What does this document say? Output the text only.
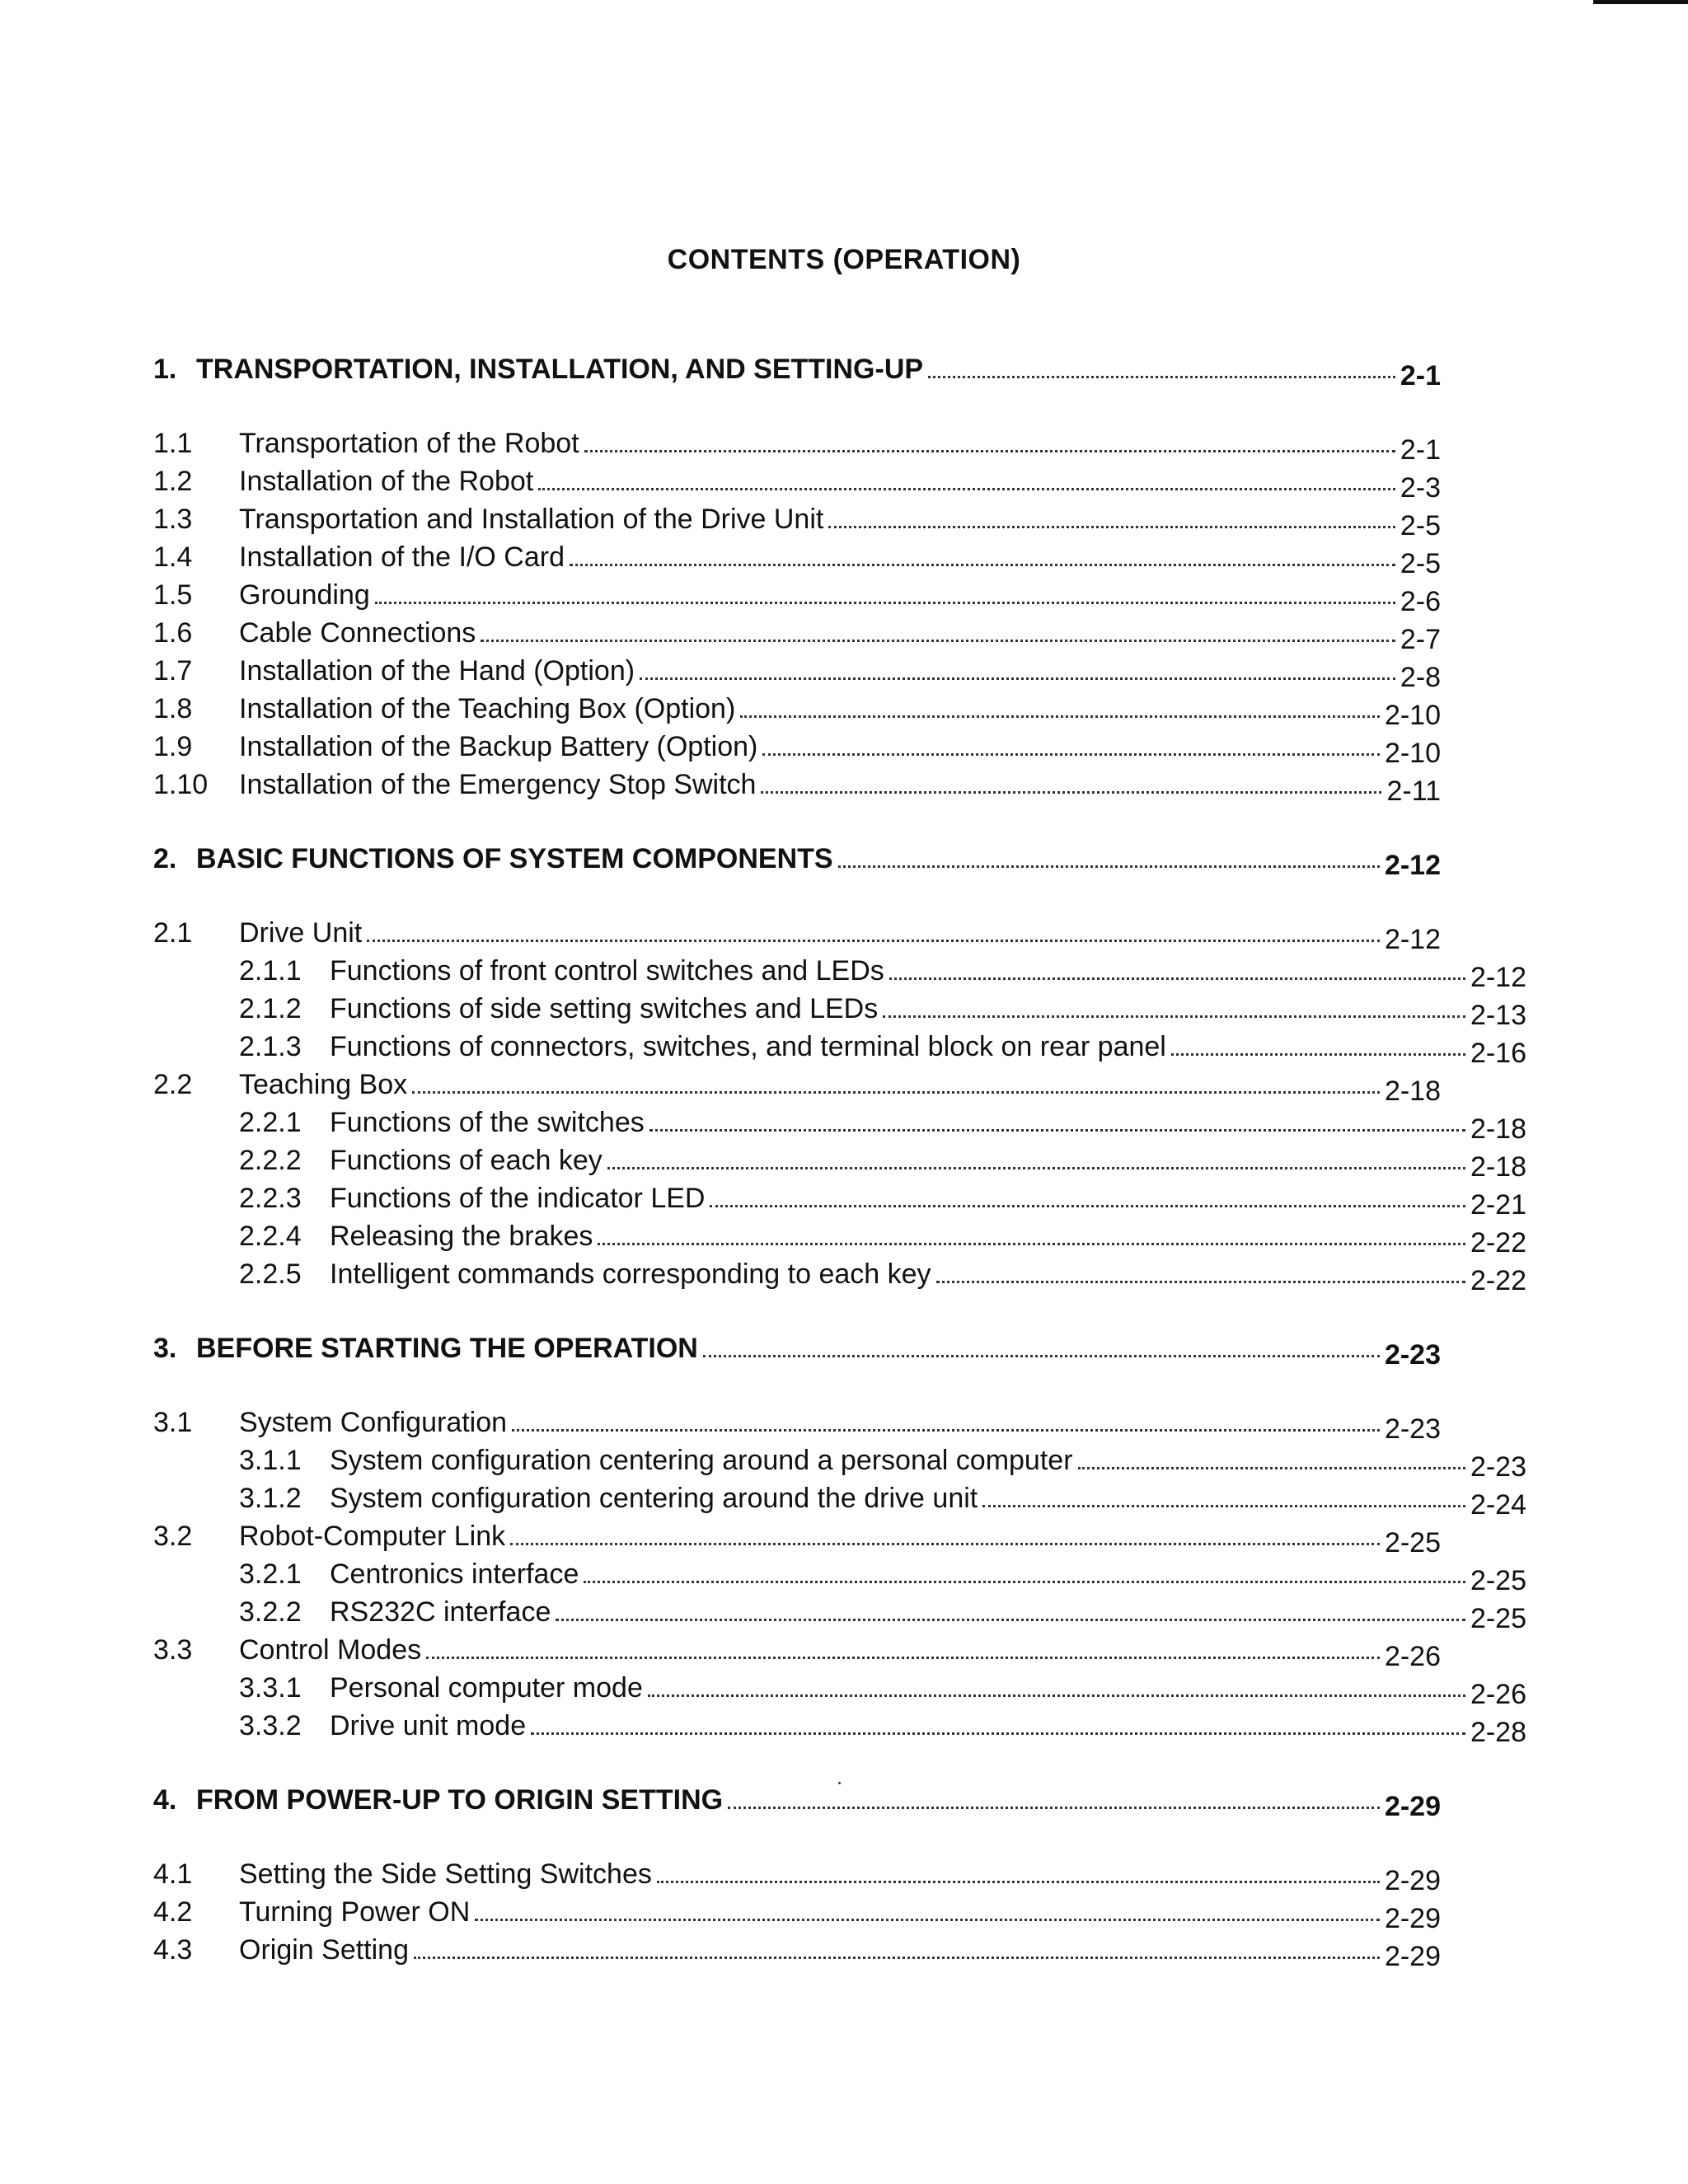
CONTENTS (OPERATION)
1. TRANSPORTATION, INSTALLATION, AND SETTING-UP	2-1
1.1	Transportation of the Robot	2-1
1.2	Installation of the Robot	2-3
1.3	Transportation and Installation of the Drive Unit	2-5
1.4	Installation of the I/O Card	2-5
1.5	Grounding	2-6
1.6	Cable Connections	2-7
1.7	Installation of the Hand (Option)	2-8
1.8	Installation of the Teaching Box (Option)	2-10
1.9	Installation of the Backup Battery (Option)	2-10
1.10	Installation of the Emergency Stop Switch	2-11
2. BASIC FUNCTIONS OF SYSTEM COMPONENTS	2-12
2.1	Drive Unit	2-12
2.1.1	Functions of front control switches and LEDs	2-12
2.1.2	Functions of side setting switches and LEDs	2-13
2.1.3	Functions of connectors, switches, and terminal block on rear panel	2-16
2.2	Teaching Box	2-18
2.2.1	Functions of the switches	2-18
2.2.2	Functions of each key	2-18
2.2.3	Functions of the indicator LED	2-21
2.2.4	Releasing the brakes	2-22
2.2.5	Intelligent commands corresponding to each key	2-22
3. BEFORE STARTING THE OPERATION	2-23
3.1	System Configuration	2-23
3.1.1	System configuration centering around a personal computer	2-23
3.1.2	System configuration centering around the drive unit	2-24
3.2	Robot-Computer Link	2-25
3.2.1	Centronics interface	2-25
3.2.2	RS232C interface	2-25
3.3	Control Modes	2-26
3.3.1	Personal computer mode	2-26
3.3.2	Drive unit mode	2-28
4. FROM POWER-UP TO ORIGIN SETTING	2-29
4.1	Setting the Side Setting Switches	2-29
4.2	Turning Power ON	2-29
4.3	Origin Setting	2-29
